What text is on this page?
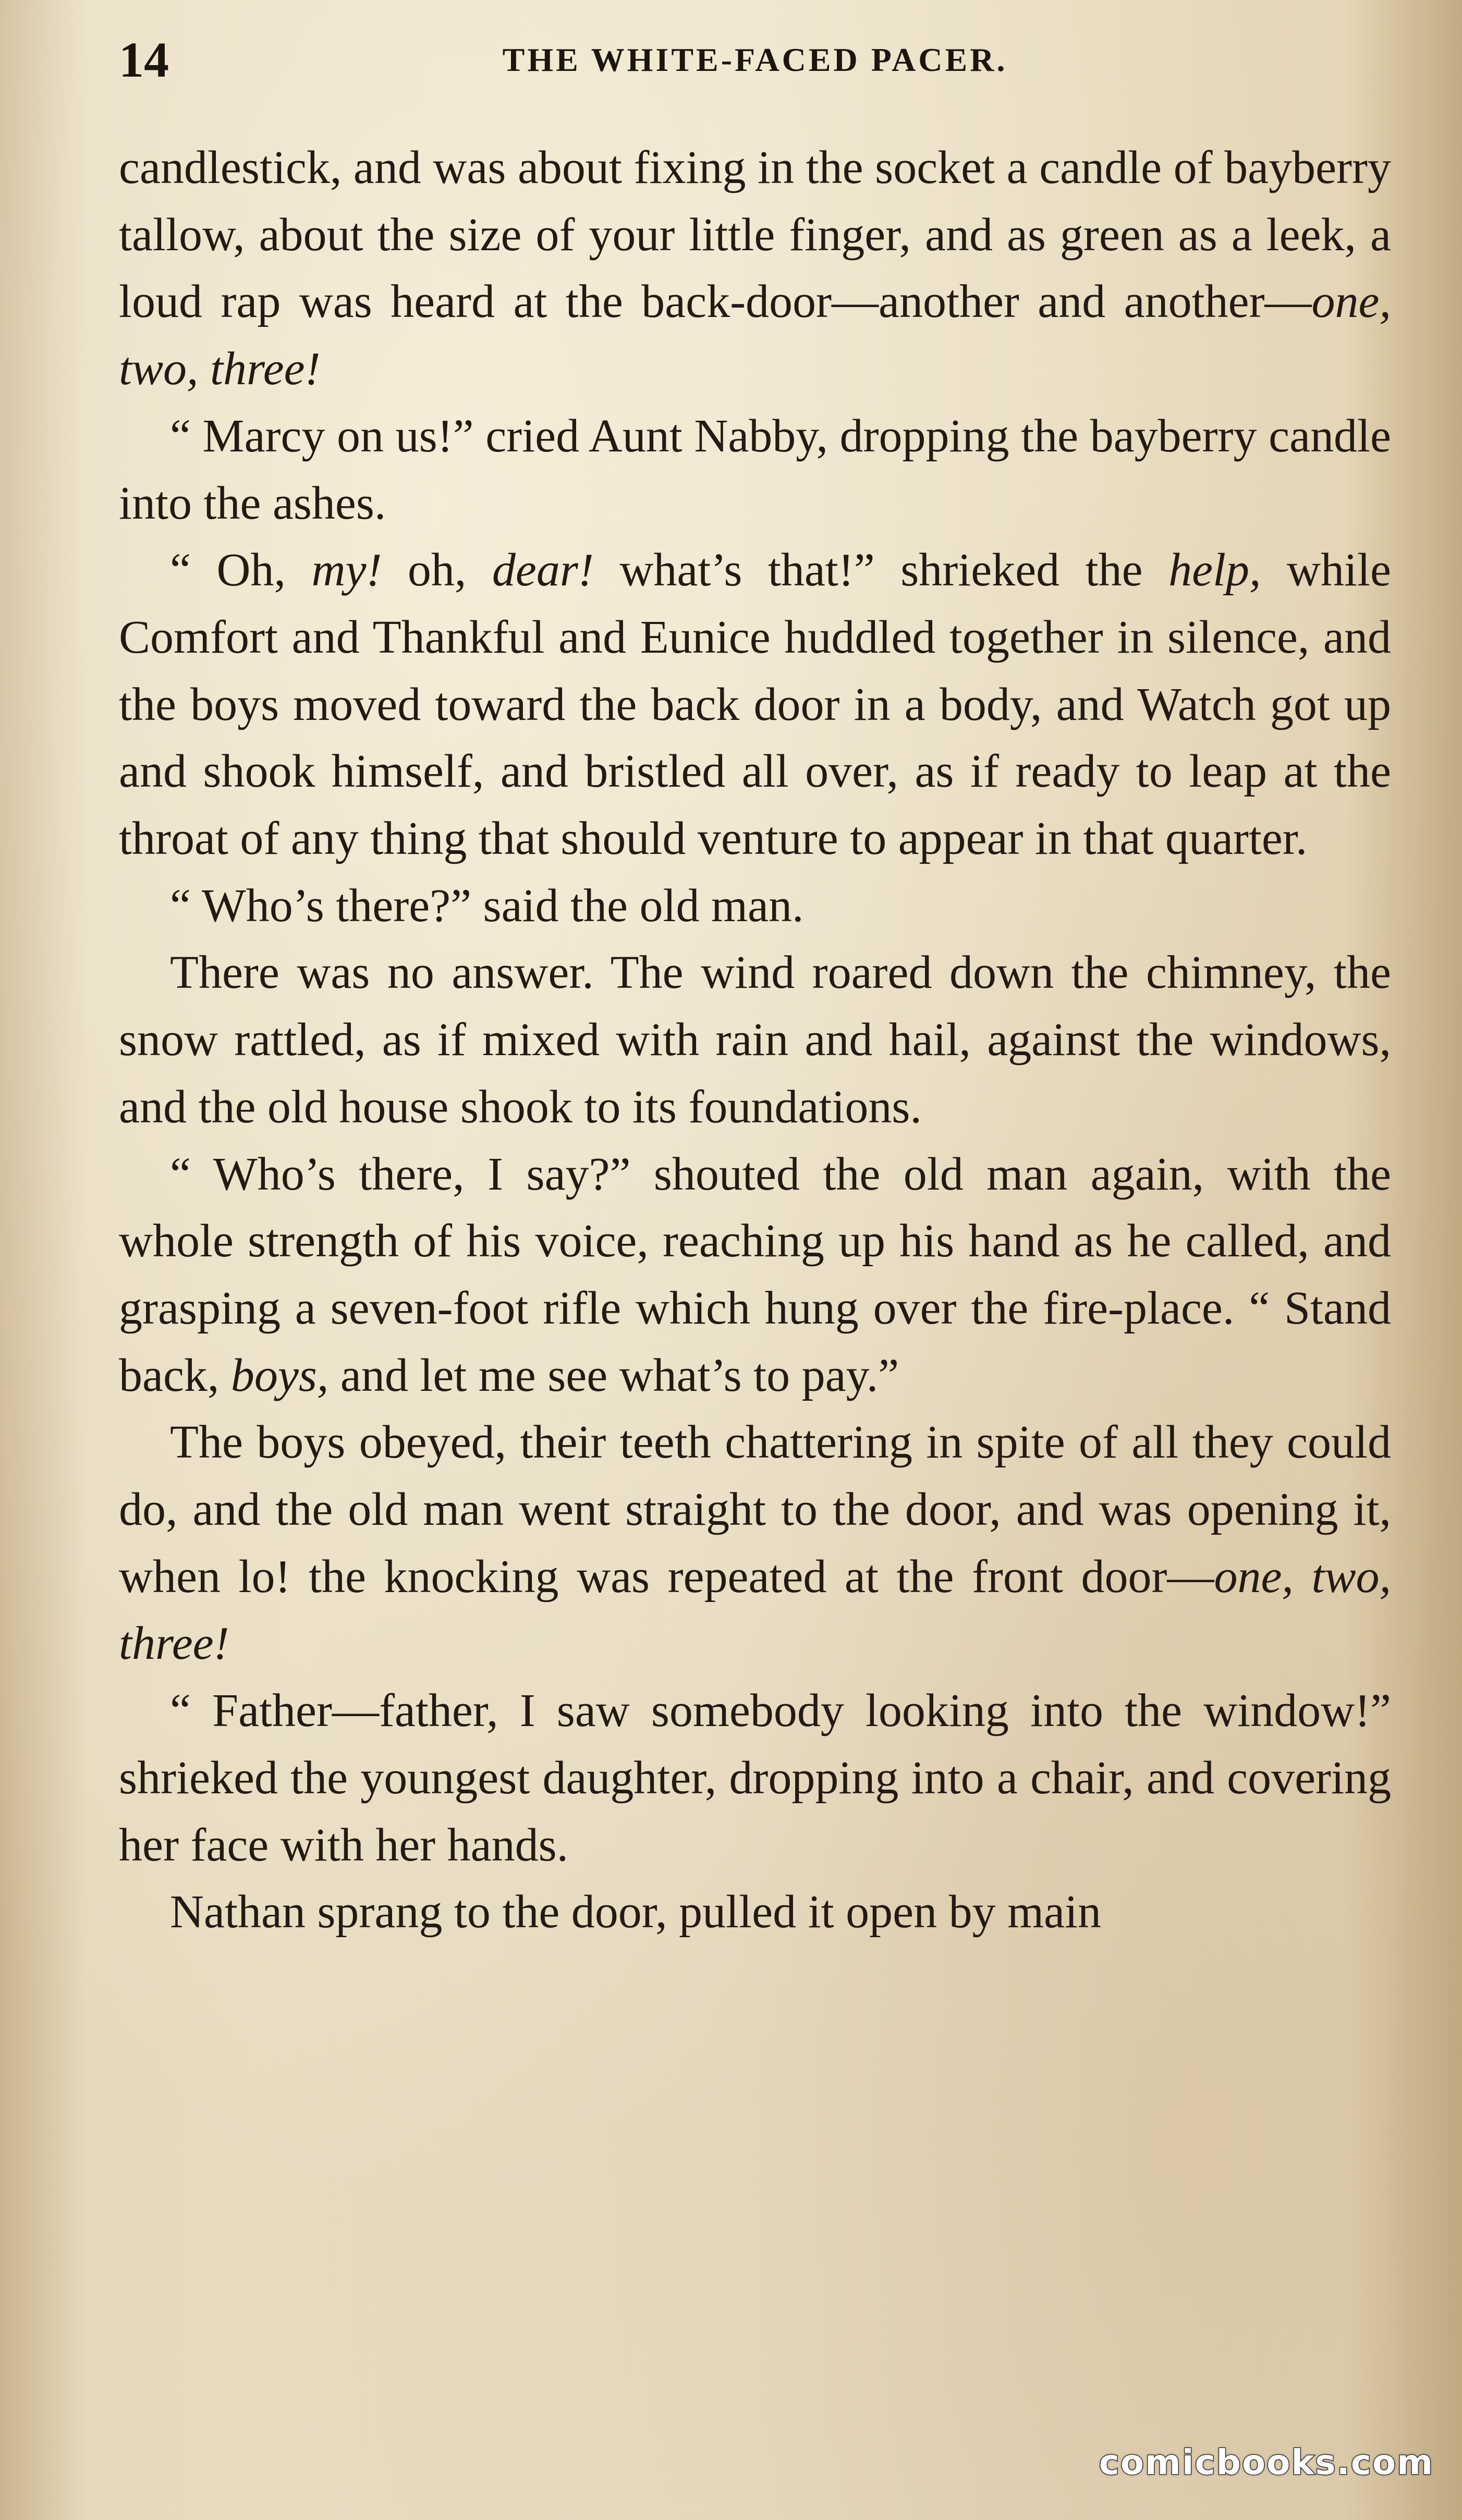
14	THE WHITE-FACED PACER.

candlestick, and was about fixing in the socket a candle of bayberry tallow, about the size of your little finger, and as green as a leek, a loud rap was heard at the back-door—another and another—one, two, three!

“ Marcy on us!” cried Aunt Nabby, dropping the bayberry candle into the ashes.

“ Oh, my! oh, dear! what’s that!” shrieked the help, while Comfort and Thankful and Eunice huddled together in silence, and the boys moved toward the back door in a body, and Watch got up and shook himself, and bristled all over, as if ready to leap at the throat of any thing that should venture to appear in that quarter.

“ Who’s there?” said the old man.

There was no answer. The wind roared down the chimney, the snow rattled, as if mixed with rain and hail, against the windows, and the old house shook to its foundations.

“ Who’s there, I say?” shouted the old man again, with the whole strength of his voice, reaching up his hand as he called, and grasping a seven-foot rifle which hung over the fire-place. “ Stand back, boys, and let me see what’s to pay.”

The boys obeyed, their teeth chattering in spite of all they could do, and the old man went straight to the door, and was opening it, when lo! the knocking was repeated at the front door—one, two, three!

“ Father—father, I saw somebody looking into the window!” shrieked the youngest daughter, dropping into a chair, and covering her face with her hands.

Nathan sprang to the door, pulled it open by main

comicbooks.com
